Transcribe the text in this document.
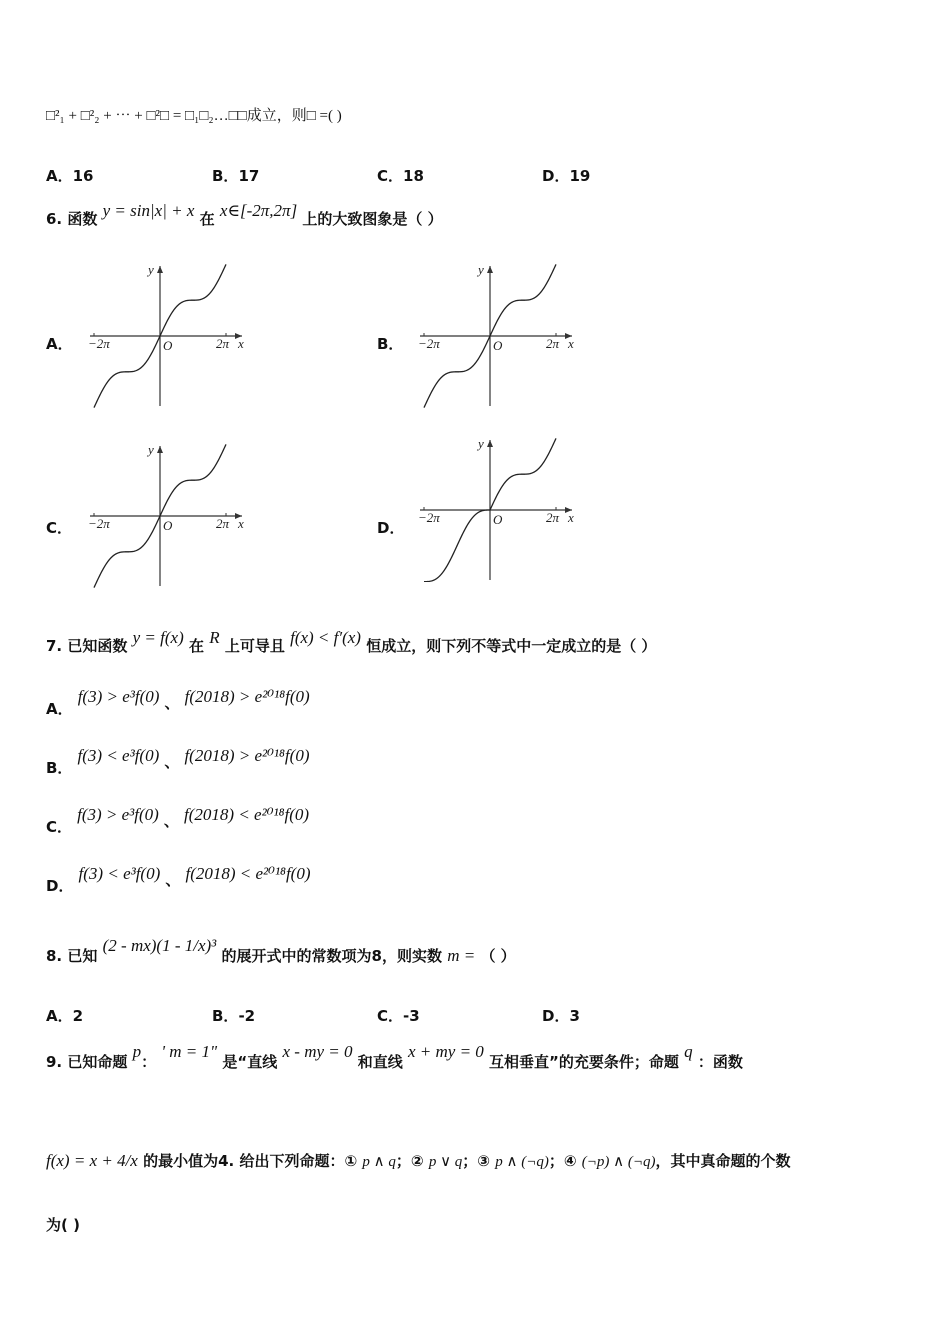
□²₁ + □²₂ + ⋯ + □²□ = □₁□₂…□□成立，则□ =( )
A．16	B．17	C．18	D．19
6. 函数 y = sin|x| + x 在 x∈[-2π,2π] 上的大致图象是（ ）
A．	B．
C．	D．
y
x
O
−2π	2π
y
x
O
−2π	2π
y
x
O
−2π	2π
y
x
O
−2π	2π
7. 已知函数 y = f(x) 在 R 上可导且 f(x) < f′(x) 恒成立，则下列不等式中一定成立的是（ ）
A． f(3) > e³f(0) 、 f(2018) > e²⁰¹⁸f(0)
B． f(3) < e³f(0) 、 f(2018) > e²⁰¹⁸f(0)
C． f(3) > e³f(0) 、 f(2018) < e²⁰¹⁸f(0)
D． f(3) < e³f(0) 、 f(2018) < e²⁰¹⁸f(0)
8. 已知 (2 - mx)(1 - 1/x)³ 的展开式中的常数项为8，则实数 m = （ ）
A．2	B．-2	C．-3	D．3
9. 已知命题 p： ' m = 1" 是“直线 x - my = 0 和直线 x + my = 0 互相垂直”的充要条件；命题 q ：函数
f(x) = x + 4/x 的最小值为4. 给出下列命题：① p ∧ q；② p ∨ q；③ p ∧ (¬q)；④ (¬p) ∧ (¬q)，其中真命题的个数
为( )
